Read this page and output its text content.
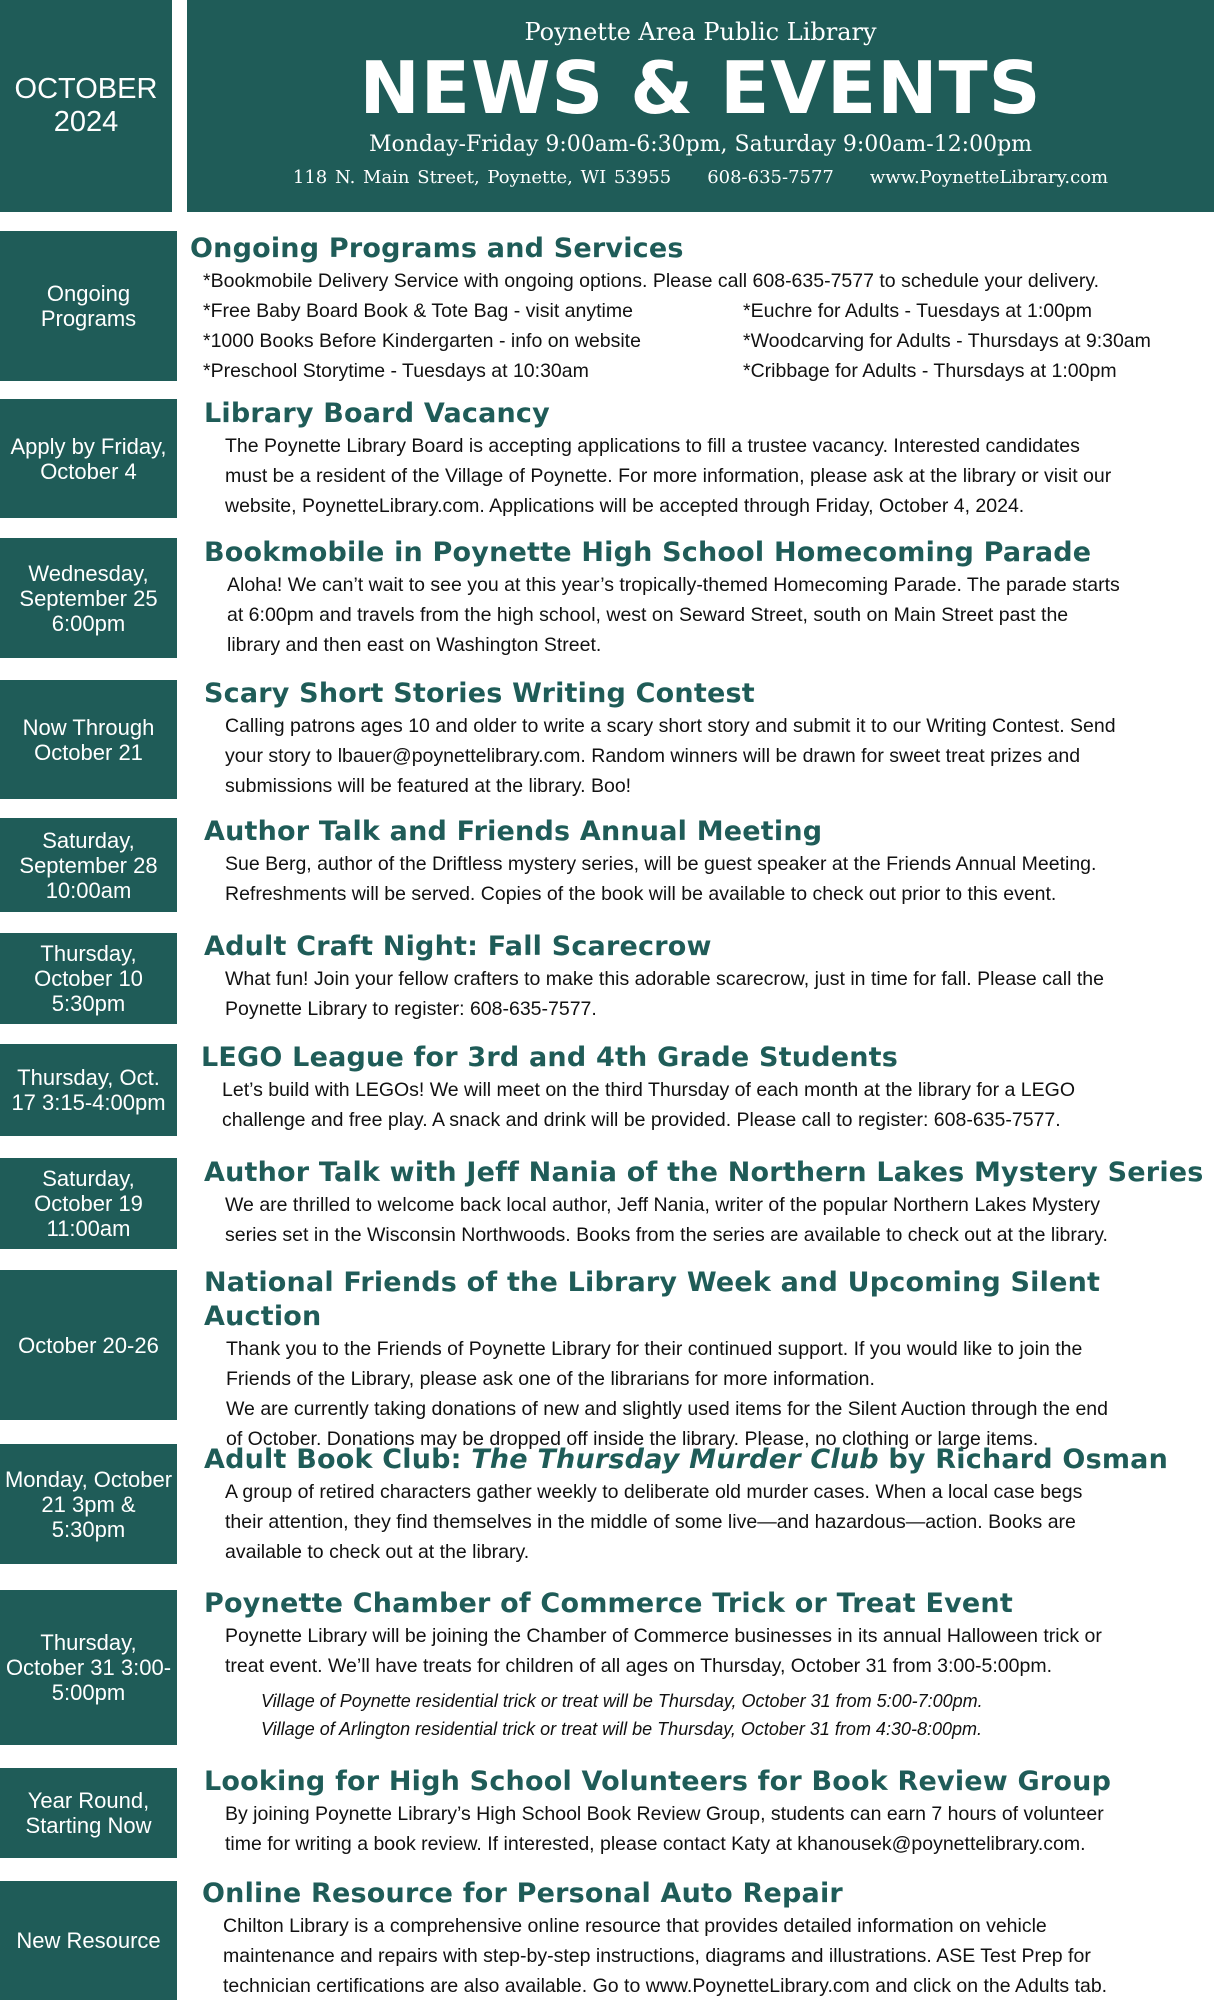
OCTOBER
2024
Poynette Area Public Library
NEWS & EVENTS
Monday-Friday 9:00am-6:30pm, Saturday 9:00am-12:00pm
118 N. Main Street, Poynette, WI 53955 608-635-7577 www.PoynetteLibrary.com
Ongoing Programs
Ongoing Programs and Services
*Bookmobile Delivery Service with ongoing options. Please call 608-635-7577 to schedule your delivery.
*Free Baby Board Book & Tote Bag - visit anytime	*Euchre for Adults - Tuesdays at 1:00pm
*1000 Books Before Kindergarten - info on website	*Woodcarving for Adults - Thursdays at 9:30am
*Preschool Storytime - Tuesdays at 10:30am	*Cribbage for Adults - Thursdays at 1:00pm
Apply by Friday, October 4
Library Board Vacancy

The Poynette Library Board is accepting applications to fill a trustee vacancy. Interested candidates

must be a resident of the Village of Poynette. For more information, please ask at the library or visit our

website, PoynetteLibrary.com. Applications will be accepted through Friday, October 4, 2024.

Wednesday, September 25 6:00pm
Bookmobile in Poynette High School Homecoming Parade

Aloha! We can’t wait to see you at this year’s tropically-themed Homecoming Parade. The parade starts

at 6:00pm and travels from the high school, west on Seward Street, south on Main Street past the

library and then east on Washington Street.

Now Through October 21
Scary Short Stories Writing Contest

Calling patrons ages 10 and older to write a scary short story and submit it to our Writing Contest. Send

your story to lbauer@poynettelibrary.com. Random winners will be drawn for sweet treat prizes and

submissions will be featured at the library. Boo!

Saturday, September 28 10:00am
Author Talk and Friends Annual Meeting

Sue Berg, author of the Driftless mystery series, will be guest speaker at the Friends Annual Meeting.

Refreshments will be served. Copies of the book will be available to check out prior to this event.

Thursday, October 10 5:30pm
Adult Craft Night: Fall Scarecrow

What fun! Join your fellow crafters to make this adorable scarecrow, just in time for fall. Please call the

Poynette Library to register: 608-635-7577.

Thursday, Oct. 17 3:15-4:00pm
LEGO League for 3rd and 4th Grade Students

Let’s build with LEGOs! We will meet on the third Thursday of each month at the library for a LEGO

challenge and free play. A snack and drink will be provided. Please call to register: 608-635-7577.

Saturday, October 19 11:00am
Author Talk with Jeff Nania of the Northern Lakes Mystery Series

We are thrilled to welcome back local author, Jeff Nania, writer of the popular Northern Lakes Mystery

series set in the Wisconsin Northwoods. Books from the series are available to check out at the library.

October 20-26
National Friends of the Library Week and Upcoming Silent Auction

Thank you to the Friends of Poynette Library for their continued support. If you would like to join the

Friends of the Library, please ask one of the librarians for more information.

We are currently taking donations of new and slightly used items for the Silent Auction through the end

of October. Donations may be dropped off inside the library. Please, no clothing or large items.

Monday, October 21 3pm & 5:30pm
Adult Book Club: The Thursday Murder Club by Richard Osman

A group of retired characters gather weekly to deliberate old murder cases. When a local case begs

their attention, they find themselves in the middle of some live—and hazardous—action. Books are

available to check out at the library.

Thursday, October 31 3:00-5:00pm
Poynette Chamber of Commerce Trick or Treat Event

Poynette Library will be joining the Chamber of Commerce businesses in its annual Halloween trick or

treat event. We’ll have treats for children of all ages on Thursday, October 31 from 3:00-5:00pm.

Village of Poynette residential trick or treat will be Thursday, October 31 from 5:00-7:00pm.

Village of Arlington residential trick or treat will be Thursday, October 31 from 4:30-8:00pm.

Year Round, Starting Now
Looking for High School Volunteers for Book Review Group

By joining Poynette Library’s High School Book Review Group, students can earn 7 hours of volunteer

time for writing a book review. If interested, please contact Katy at khanousek@poynettelibrary.com.

New Resource
Online Resource for Personal Auto Repair

Chilton Library is a comprehensive online resource that provides detailed information on vehicle

maintenance and repairs with step-by-step instructions, diagrams and illustrations. ASE Test Prep for

technician certifications are also available. Go to www.PoynetteLibrary.com and click on the Adults tab.
